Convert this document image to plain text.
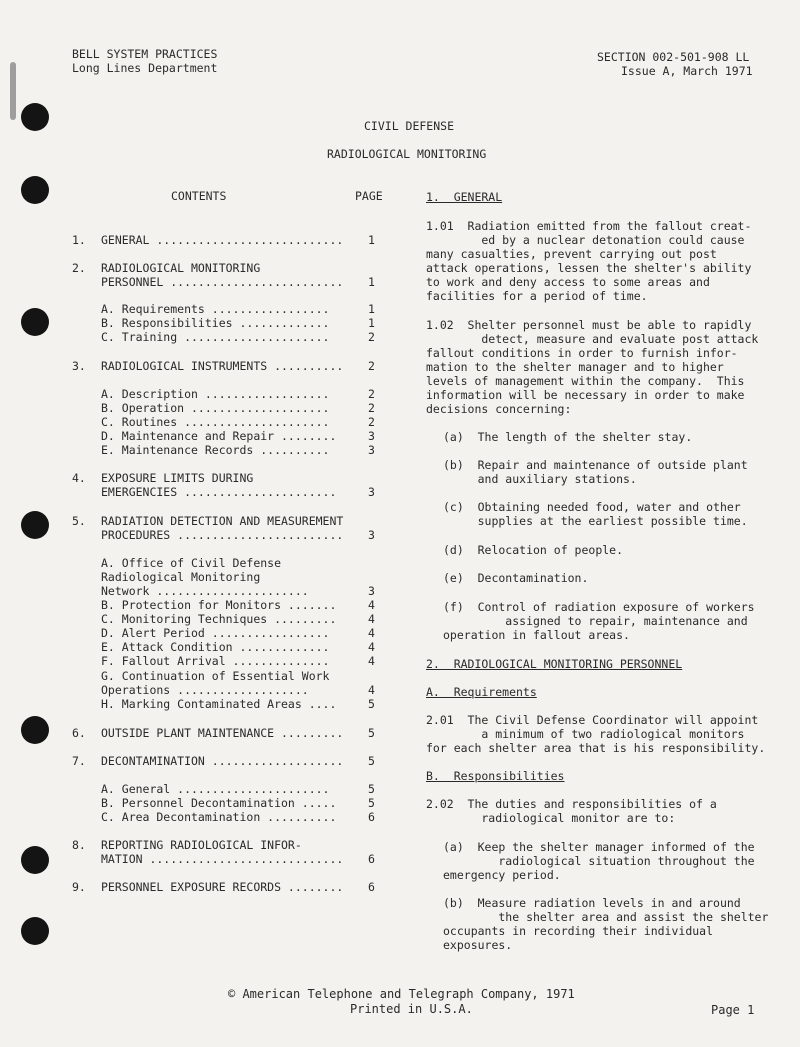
BELL SYSTEM PRACTICES
Long Lines Department
SECTION 002-501-908 LL
Issue A, March 1971
CIVIL DEFENSE
RADIOLOGICAL MONITORING
CONTENTS	PAGE
1. GENERAL ...........................	1
2. RADIOLOGICAL MONITORING
PERSONNEL .........................	1
A. Requirements .................	1
B. Responsibilities .............	1
C. Training .....................	2
3. RADIOLOGICAL INSTRUMENTS ..........	2
A. Description ..................	2
B. Operation ....................	2
C. Routines .....................	2
D. Maintenance and Repair ........	3
E. Maintenance Records ..........	3
4. EXPOSURE LIMITS DURING
EMERGENCIES ......................	3
5. RADIATION DETECTION AND MEASUREMENT
PROCEDURES ........................	3
A. Office of Civil Defense
Radiological Monitoring
Network ......................	3
B. Protection for Monitors .......	4
C. Monitoring Techniques .........	4
D. Alert Period .................	4
E. Attack Condition .............	4
F. Fallout Arrival ..............	4
G. Continuation of Essential Work
Operations ...................	4
H. Marking Contaminated Areas ....	5
6. OUTSIDE PLANT MAINTENANCE .........	5
7. DECONTAMINATION ...................	5
A. General ......................	5
B. Personnel Decontamination .....	5
C. Area Decontamination ..........	6
8. REPORTING RADIOLOGICAL INFOR-
MATION ............................	6
9. PERSONNEL EXPOSURE RECORDS ........	6
1.  GENERAL
1.01  Radiation emitted from the fallout creat-
ed by a nuclear detonation could cause
many casualties, prevent carrying out post
attack operations, lessen the shelter's ability
to work and deny access to some areas and
facilities for a period of time.
1.02  Shelter personnel must be able to rapidly
detect, measure and evaluate post attack
fallout conditions in order to furnish infor-
mation to the shelter manager and to higher
levels of management within the company.  This
information will be necessary in order to make
decisions concerning:
(a)  The length of the shelter stay.
(b)  Repair and maintenance of outside plant
and auxiliary stations.
(c)  Obtaining needed food, water and other
supplies at the earliest possible time.
(d)  Relocation of people.
(e)  Decontamination.
(f)  Control of radiation exposure of workers
assigned to repair, maintenance and
operation in fallout areas.
2.  RADIOLOGICAL MONITORING PERSONNEL
A.  Requirements
2.01  The Civil Defense Coordinator will appoint
a minimum of two radiological monitors
for each shelter area that is his responsibility.
B.  Responsibilities
2.02  The duties and responsibilities of a
radiological monitor are to:
(a)  Keep the shelter manager informed of the
radiological situation throughout the
emergency period.
(b)  Measure radiation levels in and around
the shelter area and assist the shelter
occupants in recording their individual
exposures.
© American Telephone and Telegraph Company, 1971
Printed in U.S.A.	Page 1
